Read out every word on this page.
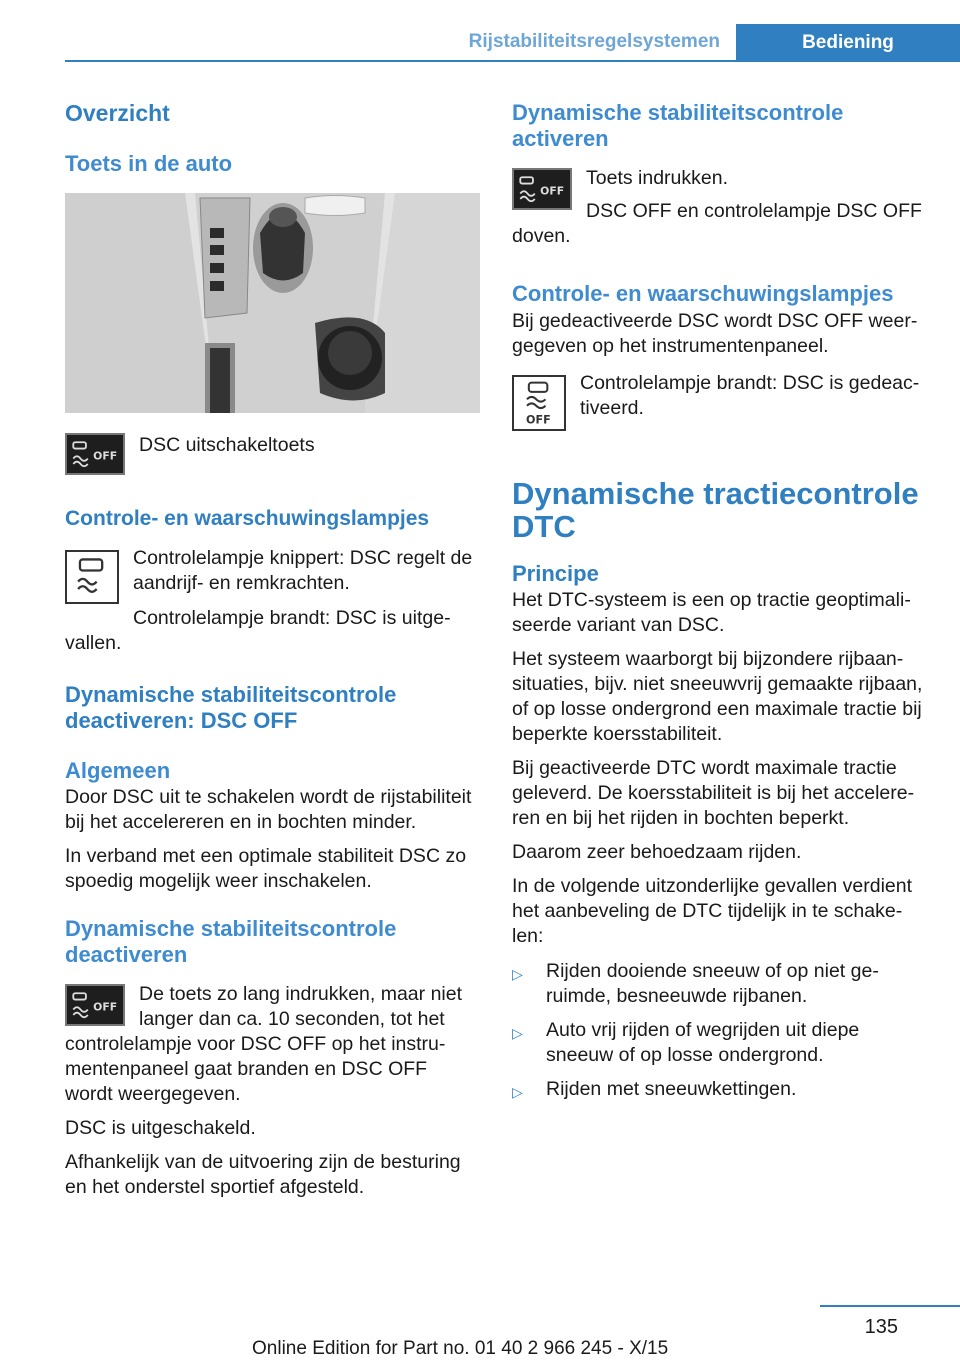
Rijstabiliteitsregelsystemen	Bediening
Overzicht
Toets in de auto
OFF	DSC uitschakeltoets

Controle- en waarschuwingslampjes

Controlelampje knippert: DSC regelt de aandrijf- en remkrachten.

Controlelampje brandt: DSC is uitgevallen.

Dynamische stabiliteitscontrole deactiveren: DSC OFF
Algemeen

Door DSC uit te schakelen wordt de rijstabiliteit bij het accelereren en in bochten minder.

In verband met een optimale stabiliteit DSC zo spoedig mogelijk weer inschakelen.

Dynamische stabiliteitscontrole deactiveren
OFF

De toets zo lang indrukken, maar niet langer dan ca. 10 seconden, tot het controlelampje voor DSC OFF op het instrumentenpaneel gaat branden en DSC OFF wordt weergegeven.

DSC is uitgeschakeld.

Afhankelijk van de uitvoering zijn de besturing en het onderstel sportief afgesteld.

Dynamische stabiliteitscontrole activeren
OFF

Toets indrukken.

DSC OFF en controlelampje DSC OFF doven.

Controle- en waarschuwingslampjes

Bij gedeactiveerde DSC wordt DSC OFF weergegeven op het instrumentenpaneel.

OFF

Controlelampje brandt: DSC is gedeactiveerd.

Dynamische tractiecontrole DTC
Principe

Het DTC-systeem is een op tractie geoptimaliseerde variant van DSC.

Het systeem waarborgt bij bijzondere rijbaansituaties, bijv. niet sneeuwvrij gemaakte rijbaan, of op losse ondergrond een maximale tractie bij beperkte koersstabiliteit.

Bij geactiveerde DTC wordt maximale tractie geleverd. De koersstabiliteit is bij het accelereren en bij het rijden in bochten beperkt.

Daarom zeer behoedzaam rijden.

In de volgende uitzonderlijke gevallen verdient het aanbeveling de DTC tijdelijk in te schakelen:

▷ Rijden dooiende sneeuw of op niet geruimde, besneeuwde rijbanen.
▷ Auto vrij rijden of wegrijden uit diepe sneeuw of op losse ondergrond.
▷ Rijden met sneeuwkettingen.
135
Online Edition for Part no. 01 40 2 966 245 - X/15
